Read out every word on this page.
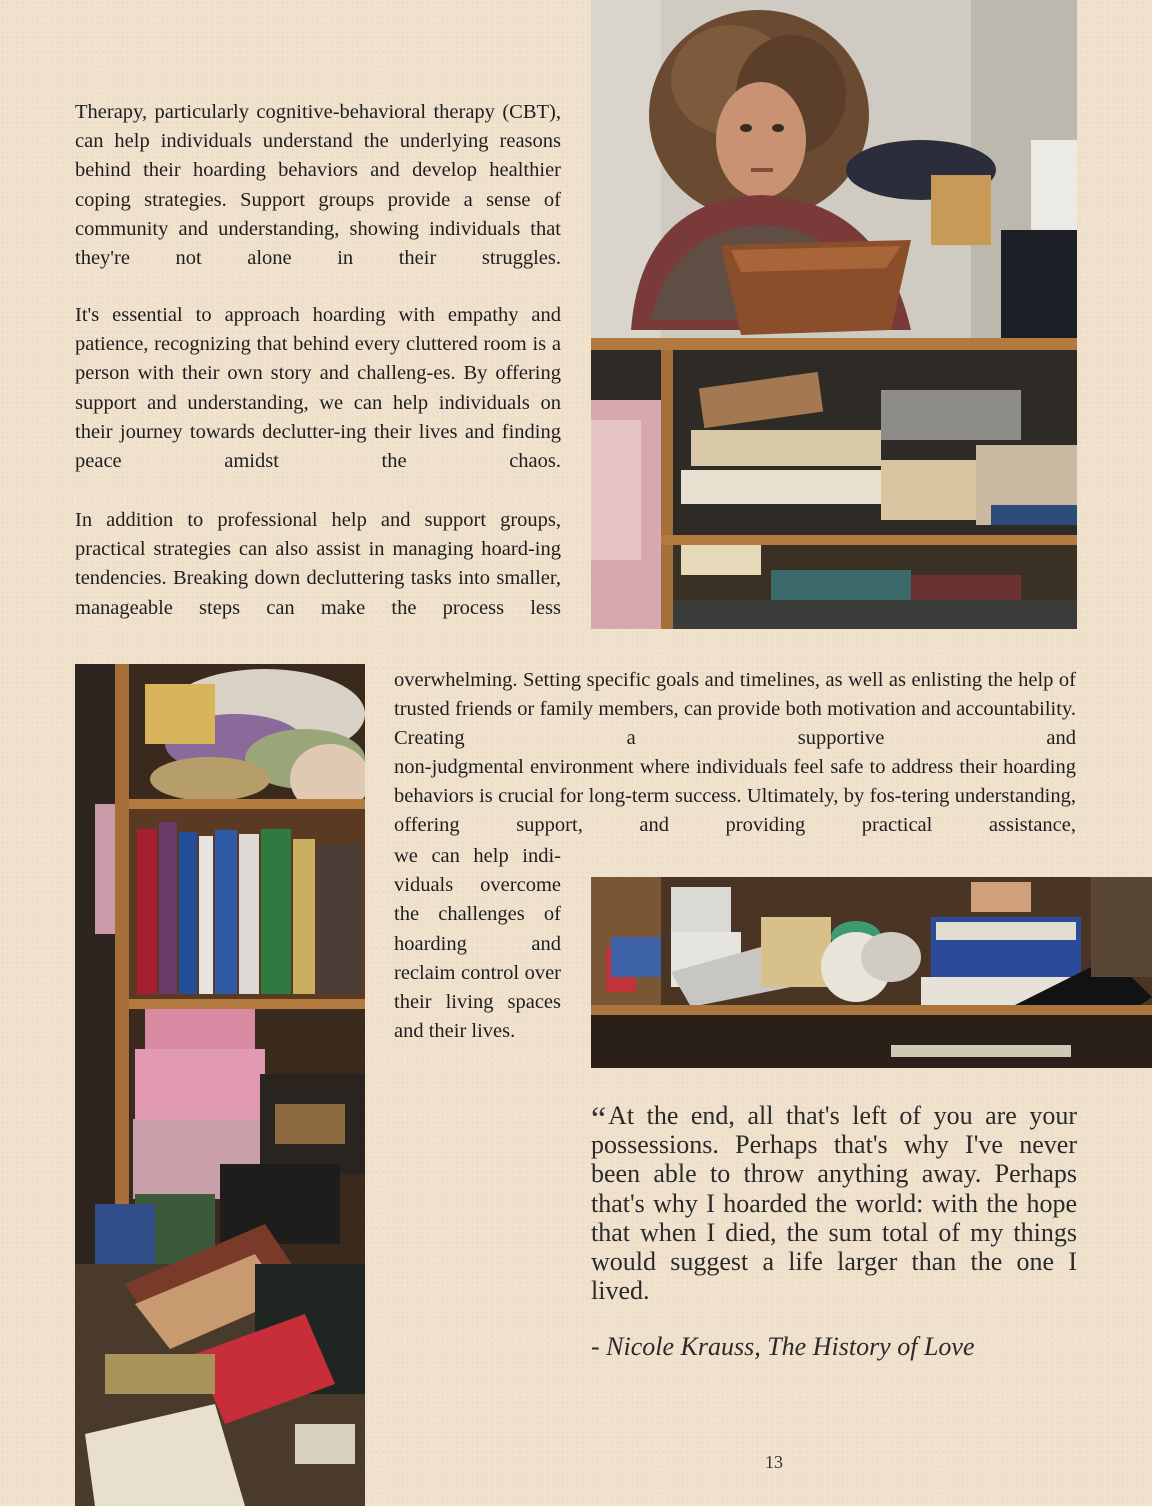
Therapy, particularly cognitive-behavioral therapy (CBT), can help individuals understand the underlying reasons behind their hoarding behaviors and develop healthier coping strategies. Support groups provide a sense of community and understanding, showing individuals that they're not alone in their struggles.

It's essential to approach hoarding with empathy and patience, recognizing that behind every cluttered room is a person with their own story and challeng-es. By offering support and understanding, we can help individuals on their journey towards declutter-ing their lives and finding peace amidst the chaos.

In addition to professional help and support groups, practical strategies can also assist in managing hoard-ing tendencies. Breaking down decluttering tasks into smaller, manageable steps can make the process less

overwhelming. Setting specific goals and timelines, as well as enlisting the help of trusted friends or family members, can provide both motivation and accountability. Creating a supportive and

non-judgmental environment where individuals feel safe to address their hoarding behaviors is crucial for long-term success. Ultimately, by fos-tering understanding, offering support, and providing practical assistance,

we can help indi-viduals overcome the challenges of hoarding and reclaim control over their living spaces and their lives.

“At the end, all that's left of you are your possessions. Perhaps that's why I've never been able to throw anything away. Perhaps that's why I hoarded the world: with the hope that when I died, the sum total of my things would suggest a life larger than the one I lived.

- Nicole Krauss, The History of Love

13
